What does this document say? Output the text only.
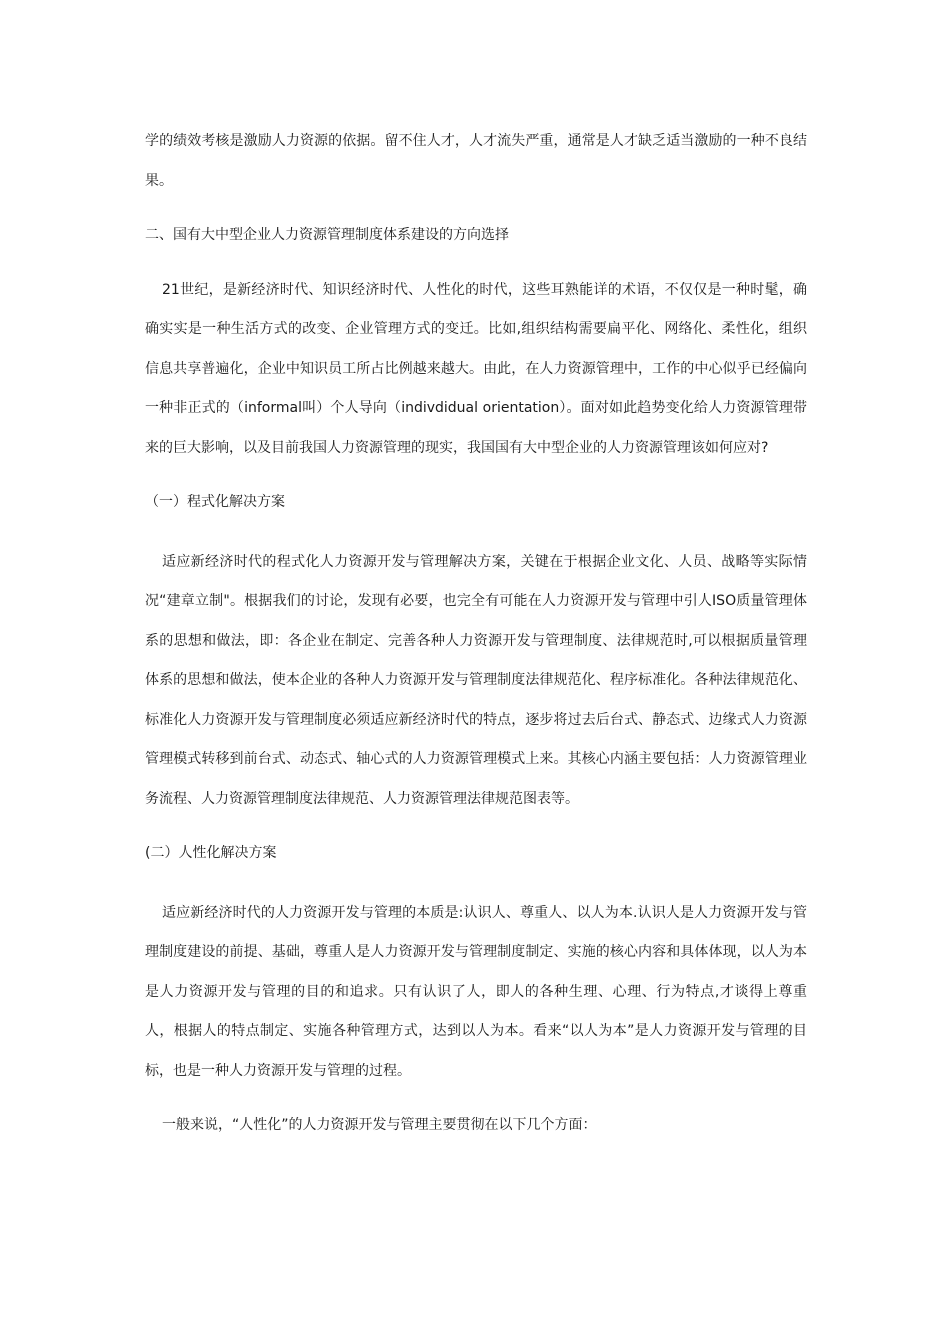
学的绩效考核是激励人力资源的依据。留不住人才，人才流失严重，通常是人才缺乏适当激励的一种不良结果。

二、国有大中型企业人力资源管理制度体系建设的方向选择

21世纪，是新经济时代、知识经济时代、人性化的时代，这些耳熟能详的术语，不仅仅是一种时髦，确确实实是一种生活方式的改变、企业管理方式的变迁。比如,组织结构需要扁平化、网络化、柔性化，组织信息共享普遍化，企业中知识员工所占比例越来越大。由此，在人力资源管理中，工作的中心似乎已经偏向一种非正式的（informal叫）个人导向（indivdidual orientation）。面对如此趋势变化给人力资源管理带来的巨大影响，以及目前我国人力资源管理的现实，我国国有大中型企业的人力资源管理该如何应对?

（一）程式化解决方案

适应新经济时代的程式化人力资源开发与管理解决方案，关键在于根据企业文化、人员、战略等实际情况“建章立制"。根据我们的讨论，发现有必要，也完全有可能在人力资源开发与管理中引人ISO质量管理体系的思想和做法，即：各企业在制定、完善各种人力资源开发与管理制度、法律规范时,可以根据质量管理体系的思想和做法，使本企业的各种人力资源开发与管理制度法律规范化、程序标准化。各种法律规范化、标准化人力资源开发与管理制度必须适应新经济时代的特点，逐步将过去后台式、静态式、边缘式人力资源管理模式转移到前台式、动态式、轴心式的人力资源管理模式上来。其核心内涵主要包括：人力资源管理业务流程、人力资源管理制度法律规范、人力资源管理法律规范图表等。

(二）人性化解决方案

适应新经济时代的人力资源开发与管理的本质是:认识人、尊重人、以人为本.认识人是人力资源开发与管理制度建设的前提、基础，尊重人是人力资源开发与管理制度制定、实施的核心内容和具体体现，以人为本是人力资源开发与管理的目的和追求。只有认识了人，即人的各种生理、心理、行为特点,才谈得上尊重人，根据人的特点制定、实施各种管理方式，达到以人为本。看来“以人为本”是人力资源开发与管理的目标，也是一种人力资源开发与管理的过程。

一般来说，“人性化”的人力资源开发与管理主要贯彻在以下几个方面：
